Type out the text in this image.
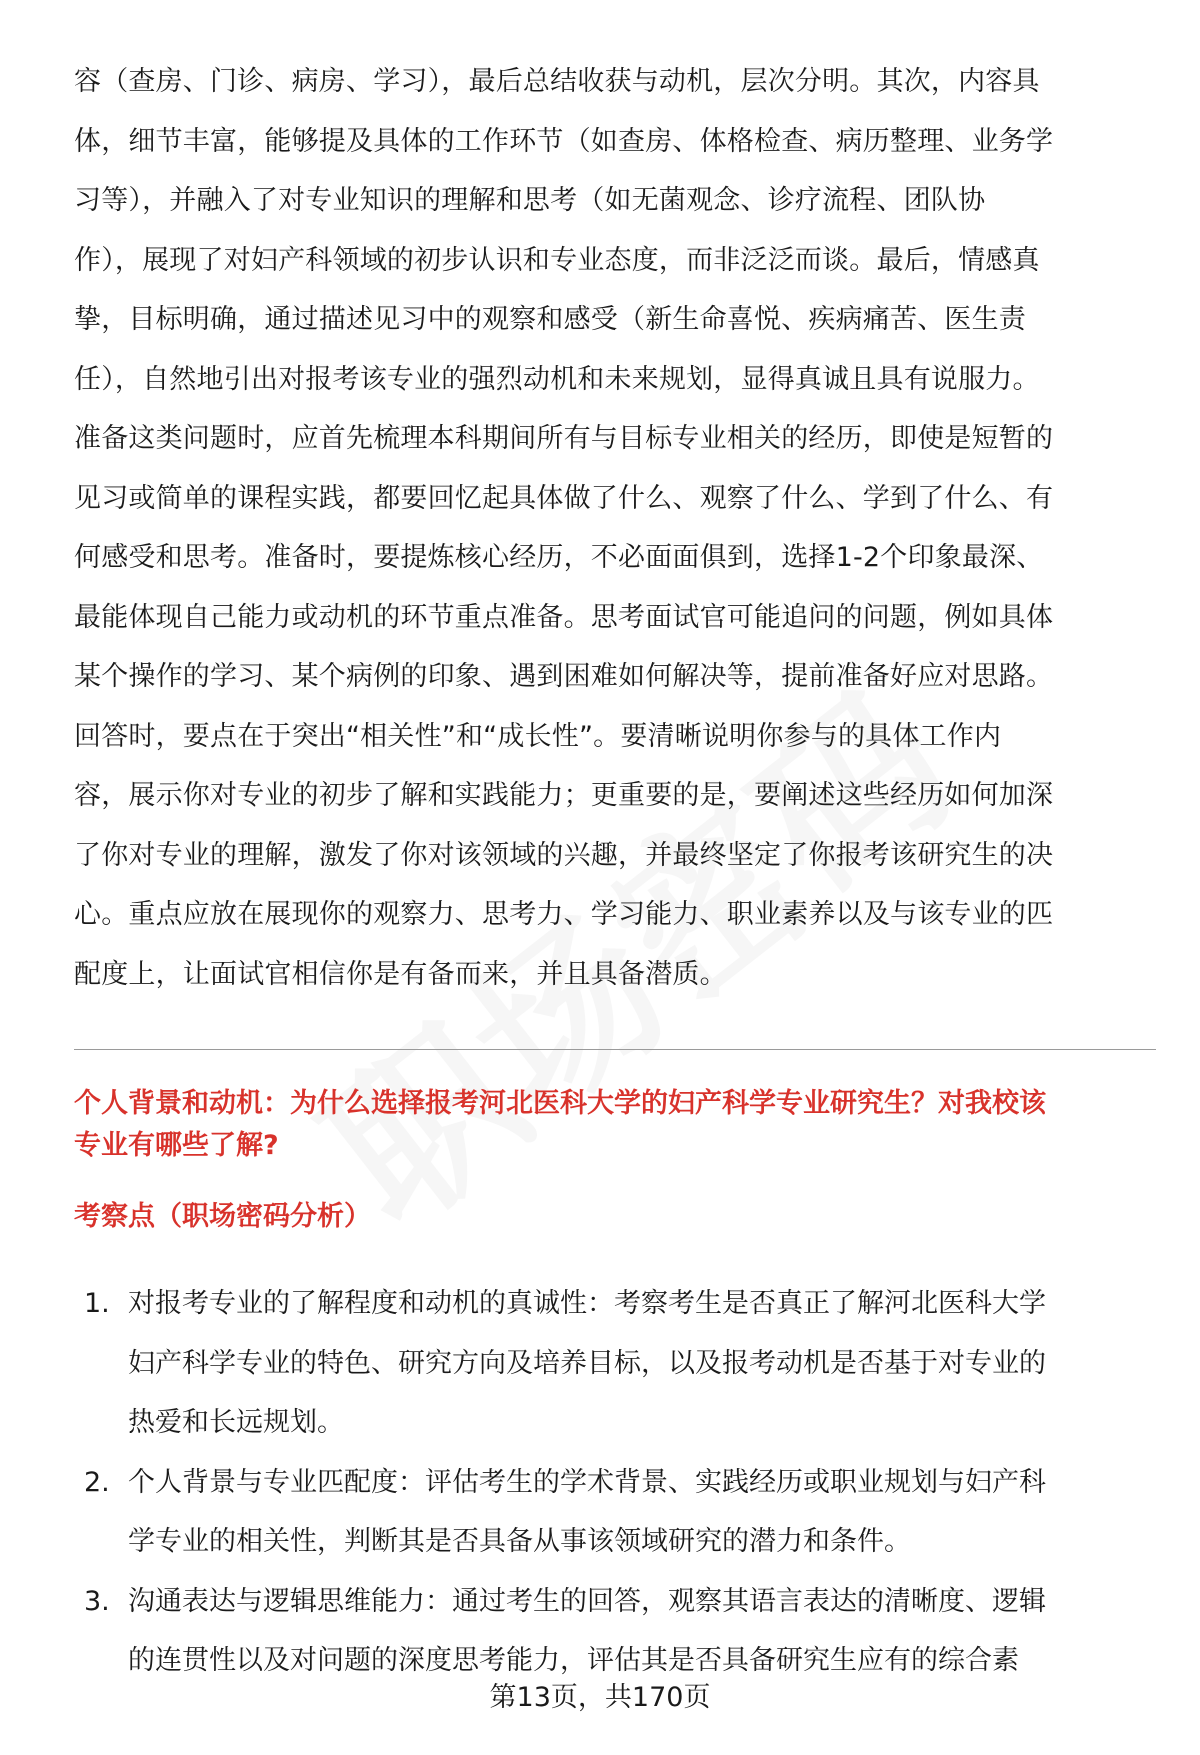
容（查房、门诊、病房、学习），最后总结收获与动机，层次分明。其次，内容具
体，细节丰富，能够提及具体的工作环节（如查房、体格检查、病历整理、业务学
习等），并融入了对专业知识的理解和思考（如无菌观念、诊疗流程、团队协
作），展现了对妇产科领域的初步认识和专业态度，而非泛泛而谈。最后，情感真
挚，目标明确，通过描述见习中的观察和感受（新生命喜悦、疾病痛苦、医生责
任），自然地引出对报考该专业的强烈动机和未来规划，显得真诚且具有说服力。
准备这类问题时，应首先梳理本科期间所有与目标专业相关的经历，即使是短暂的
见习或简单的课程实践，都要回忆起具体做了什么、观察了什么、学到了什么、有
何感受和思考。准备时，要提炼核心经历，不必面面俱到，选择1-2个印象最深、
最能体现自己能力或动机的环节重点准备。思考面试官可能追问的问题，例如具体
某个操作的学习、某个病例的印象、遇到困难如何解决等，提前准备好应对思路。
回答时，要点在于突出“相关性”和“成长性”。要清晰说明你参与的具体工作内
容，展示你对专业的初步了解和实践能力；更重要的是，要阐述这些经历如何加深
了你对专业的理解，激发了你对该领域的兴趣，并最终坚定了你报考该研究生的决
心。重点应放在展现你的观察力、思考力、学习能力、职业素养以及与该专业的匹
配度上，让面试官相信你是有备而来，并且具备潜质。
个人背景和动机：为什么选择报考河北医科大学的妇产科学专业研究生？对我校该
专业有哪些了解?
考察点（职场密码分析）
1. 对报考专业的了解程度和动机的真诚性：考察考生是否真正了解河北医科大学
妇产科学专业的特色、研究方向及培养目标，以及报考动机是否基于对专业的
热爱和长远规划。
2. 个人背景与专业匹配度：评估考生的学术背景、实践经历或职业规划与妇产科
学专业的相关性，判断其是否具备从事该领域研究的潜力和条件。
3. 沟通表达与逻辑思维能力：通过考生的回答，观察其语言表达的清晰度、逻辑
的连贯性以及对问题的深度思考能力，评估其是否具备研究生应有的综合素
第13页，共170页
